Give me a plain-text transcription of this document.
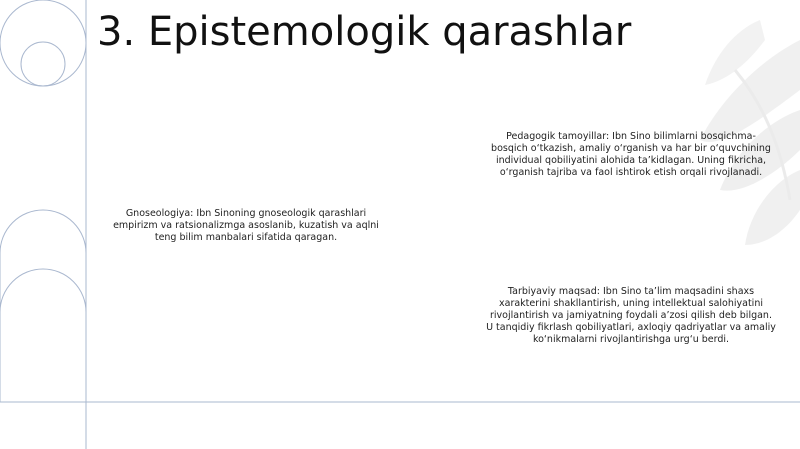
3. Epistemologik qarashlar
Pedagogik tamoyillar: Ibn Sino bilimlarni bosqichma-bosqich o‘tkazish, amaliy o‘rganish va har bir o‘quvchining individual qobiliyatini alohida ta’kidlagan. Uning fikricha, o‘rganish tajriba va faol ishtirok etish orqali rivojlanadi.
Gnoseologiya: Ibn Sinoning gnoseologik qarashlari empirizm va ratsionalizmga asoslanib, kuzatish va aqlni teng bilim manbalari sifatida qaragan.
Tarbiyaviy maqsad: Ibn Sino ta’lim maqsadini shaxs xarakterini shakllantirish, uning intellektual salohiyatini rivojlantirish va jamiyatning foydali a’zosi qilish deb bilgan. U tanqidiy fikrlash qobiliyatlari, axloqiy qadriyatlar va amaliy ko‘nikmalarni rivojlantirishga urg‘u berdi.
